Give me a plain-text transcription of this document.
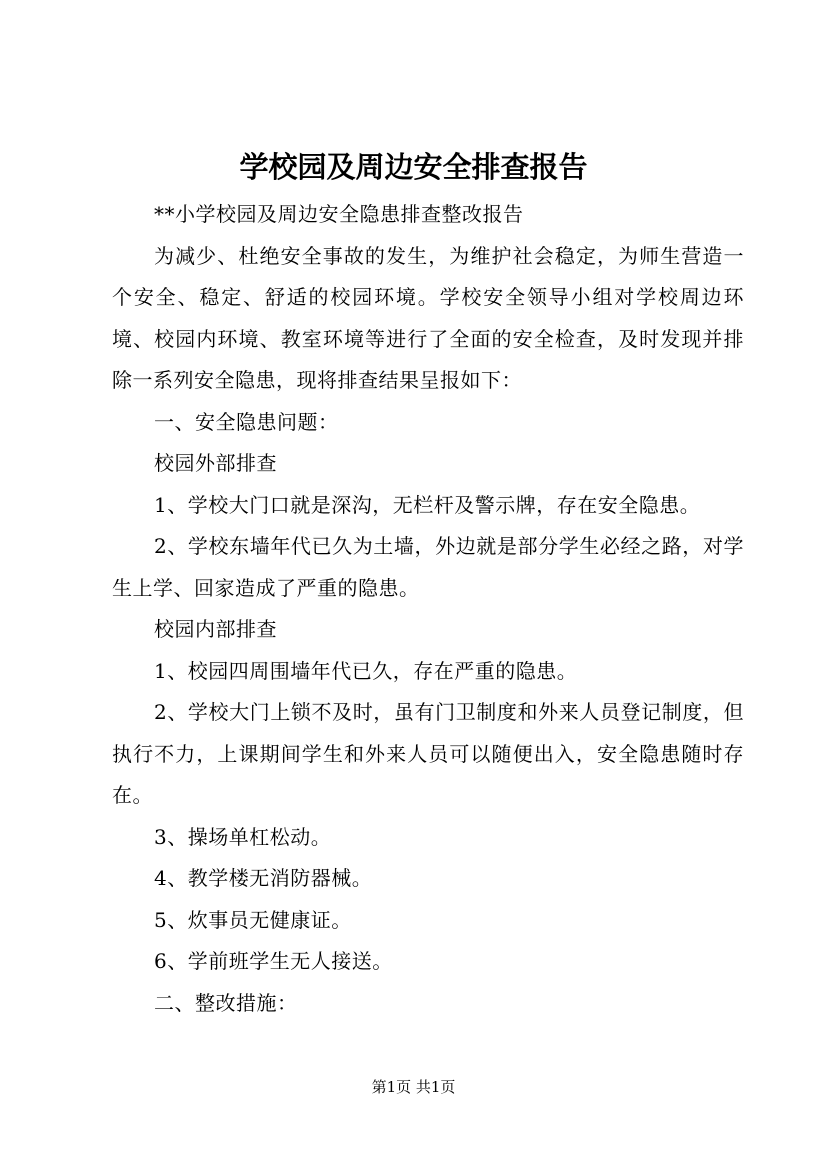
学校园及周边安全排查报告

**小学校园及周边安全隐患排查整改报告

为减少、杜绝安全事故的发生，为维护社会稳定，为师生营造一个安全、稳定、舒适的校园环境。学校安全领导小组对学校周边环境、校园内环境、教室环境等进行了全面的安全检查，及时发现并排除一系列安全隐患，现将排查结果呈报如下：

一、安全隐患问题：

校园外部排查

1、学校大门口就是深沟，无栏杆及警示牌，存在安全隐患。

2、学校东墙年代已久为土墙，外边就是部分学生必经之路，对学生上学、回家造成了严重的隐患。

校园内部排查

1、校园四周围墙年代已久，存在严重的隐患。

2、学校大门上锁不及时，虽有门卫制度和外来人员登记制度，但执行不力，上课期间学生和外来人员可以随便出入，安全隐患随时存在。

3、操场单杠松动。

4、教学楼无消防器械。

5、炊事员无健康证。

6、学前班学生无人接送。

二、整改措施：

第1页 共1页
